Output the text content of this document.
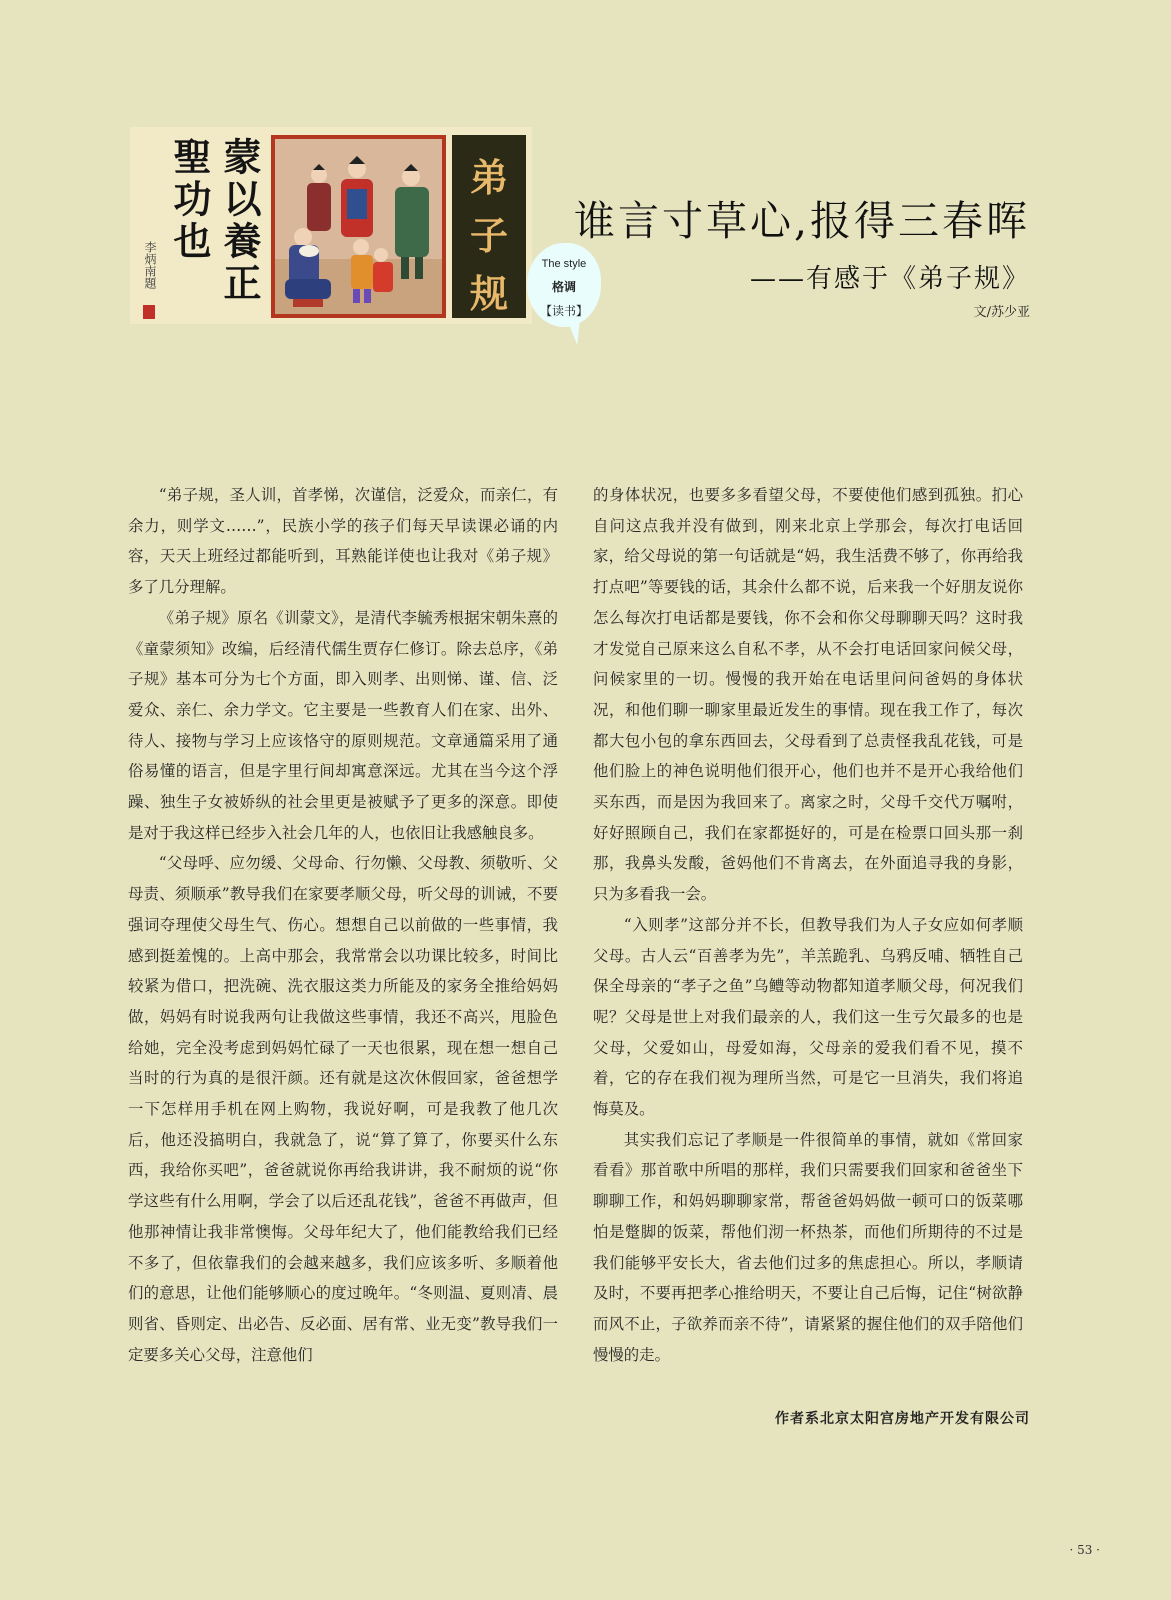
蒙以養正
聖功也
李炳南題
弟
子
规
The style
格调
【读书】
谁言寸草心,报得三春晖
——有感于《弟子规》
文/苏少亚

“弟子规，圣人训，首孝悌，次谨信，泛爱众，而亲仁，有余力，则学文……”，民族小学的孩子们每天早读课必诵的内容，天天上班经过都能听到，耳熟能详使也让我对《弟子规》多了几分理解。

《弟子规》原名《训蒙文》，是清代李毓秀根据宋朝朱熹的《童蒙须知》改编，后经清代儒生贾存仁修订。除去总序，《弟子规》基本可分为七个方面，即入则孝、出则悌、谨、信、泛爱众、亲仁、余力学文。它主要是一些教育人们在家、出外、待人、接物与学习上应该恪守的原则规范。文章通篇采用了通俗易懂的语言，但是字里行间却寓意深远。尤其在当今这个浮躁、独生子女被娇纵的社会里更是被赋予了更多的深意。即使是对于我这样已经步入社会几年的人，也依旧让我感触良多。

“父母呼、应勿缓、父母命、行勿懒、父母教、须敬听、父母责、须顺承”教导我们在家要孝顺父母，听父母的训诫，不要强词夺理使父母生气、伤心。想想自己以前做的一些事情，我感到挺羞愧的。上高中那会，我常常会以功课比较多，时间比较紧为借口，把洗碗、洗衣服这类力所能及的家务全推给妈妈做，妈妈有时说我两句让我做这些事情，我还不高兴，甩脸色给她，完全没考虑到妈妈忙碌了一天也很累，现在想一想自己当时的行为真的是很汗颜。还有就是这次休假回家，爸爸想学一下怎样用手机在网上购物，我说好啊，可是我教了他几次后，他还没搞明白，我就急了，说“算了算了，你要买什么东西，我给你买吧”，爸爸就说你再给我讲讲，我不耐烦的说“你学这些有什么用啊，学会了以后还乱花钱”，爸爸不再做声，但他那神情让我非常懊悔。父母年纪大了，他们能教给我们已经不多了，但依靠我们的会越来越多，我们应该多听、多顺着他们的意思，让他们能够顺心的度过晚年。“冬则温、夏则凊、晨则省、昏则定、出必告、反必面、居有常、业无变”教导我们一定要多关心父母，注意他们

的身体状况，也要多多看望父母，不要使他们感到孤独。扪心自问这点我并没有做到，刚来北京上学那会，每次打电话回家，给父母说的第一句话就是“妈，我生活费不够了，你再给我打点吧”等要钱的话，其余什么都不说，后来我一个好朋友说你怎么每次打电话都是要钱，你不会和你父母聊聊天吗？这时我才发觉自己原来这么自私不孝，从不会打电话回家问候父母，问候家里的一切。慢慢的我开始在电话里问问爸妈的身体状况，和他们聊一聊家里最近发生的事情。现在我工作了，每次都大包小包的拿东西回去，父母看到了总责怪我乱花钱，可是他们脸上的神色说明他们很开心，他们也并不是开心我给他们买东西，而是因为我回来了。离家之时，父母千交代万嘱咐，好好照顾自己，我们在家都挺好的，可是在检票口回头那一刹那，我鼻头发酸，爸妈他们不肯离去，在外面追寻我的身影，只为多看我一会。

“入则孝”这部分并不长，但教导我们为人子女应如何孝顺父母。古人云“百善孝为先”，羊羔跪乳、乌鸦反哺、牺牲自己保全母亲的“孝子之鱼”乌鳢等动物都知道孝顺父母，何况我们呢？父母是世上对我们最亲的人，我们这一生亏欠最多的也是父母，父爱如山，母爱如海，父母亲的爱我们看不见，摸不着，它的存在我们视为理所当然，可是它一旦消失，我们将追悔莫及。

其实我们忘记了孝顺是一件很简单的事情，就如《常回家看看》那首歌中所唱的那样，我们只需要我们回家和爸爸坐下聊聊工作，和妈妈聊聊家常，帮爸爸妈妈做一顿可口的饭菜哪怕是蹩脚的饭菜，帮他们沏一杯热茶，而他们所期待的不过是我们能够平安长大，省去他们过多的焦虑担心。所以，孝顺请及时，不要再把孝心推给明天，不要让自己后悔，记住“树欲静而风不止，子欲养而亲不待”，请紧紧的握住他们的双手陪他们慢慢的走。

作者系北京太阳宫房地产开发有限公司
· 53 ·
